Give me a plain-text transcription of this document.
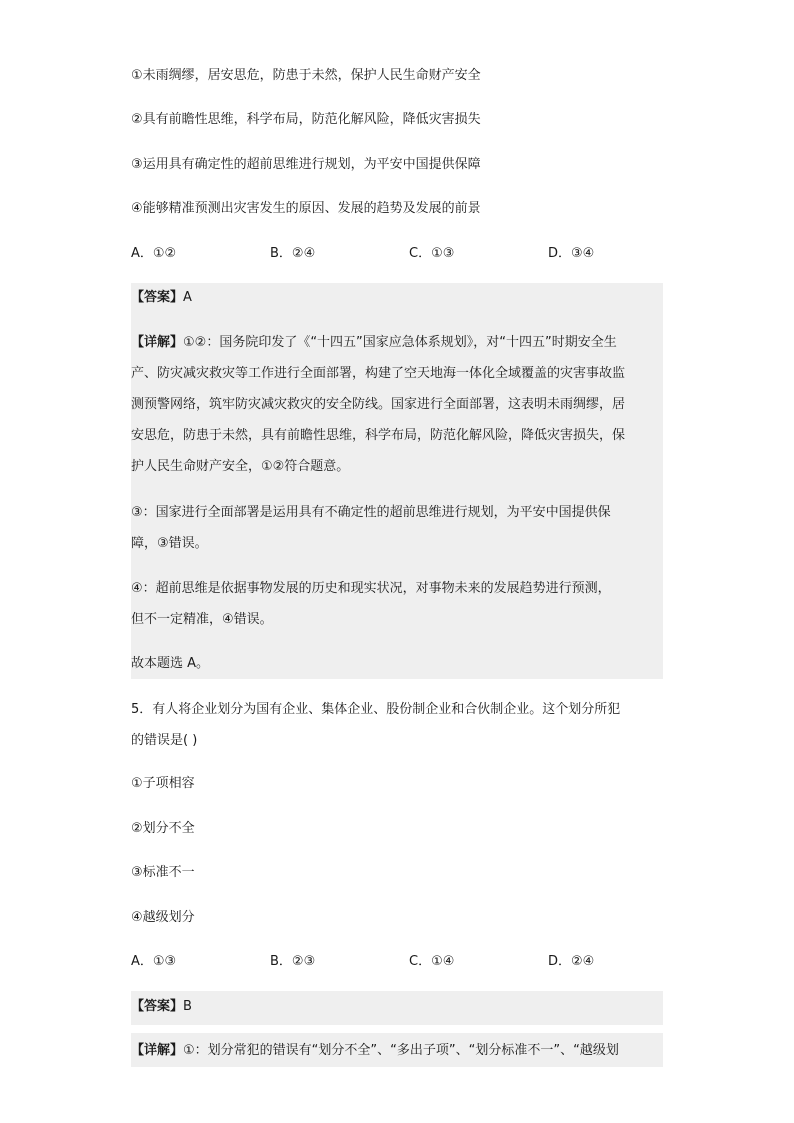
①未雨绸缪，居安思危，防患于未然，保护人民生命财产安全
②具有前瞻性思维，科学布局，防范化解风险，降低灾害损失
③运用具有确定性的超前思维进行规划，为平安中国提供保障
④能够精准预测出灾害发生的原因、发展的趋势及发展的前景
A．①②	B．②④	C．①③	D．③④
【答案】A
【详解】①②：国务院印发了《“十四五”国家应急体系规划》，对“十四五”时期安全生
产、防灾减灾救灾等工作进行全面部署，构建了空天地海一体化全域覆盖的灾害事故监
测预警网络，筑牢防灾减灾救灾的安全防线。国家进行全面部署，这表明未雨绸缪，居
安思危，防患于未然，具有前瞻性思维，科学布局，防范化解风险，降低灾害损失，保
护人民生命财产安全，①②符合题意。
③：国家进行全面部署是运用具有不确定性的超前思维进行规划，为平安中国提供保
障，③错误。
④：超前思维是依据事物发展的历史和现实状况，对事物未来的发展趋势进行预测，
但不一定精准，④错误。
故本题选 A。
5．有人将企业划分为国有企业、集体企业、股份制企业和合伙制企业。这个划分所犯
的错误是( )
①子项相容
②划分不全
③标准不一
④越级划分
A．①③	B．②③	C．①④	D．②④
【答案】B
【详解】①：划分常犯的错误有“划分不全”、“多出子项”、“划分标准不一”、“越级划
